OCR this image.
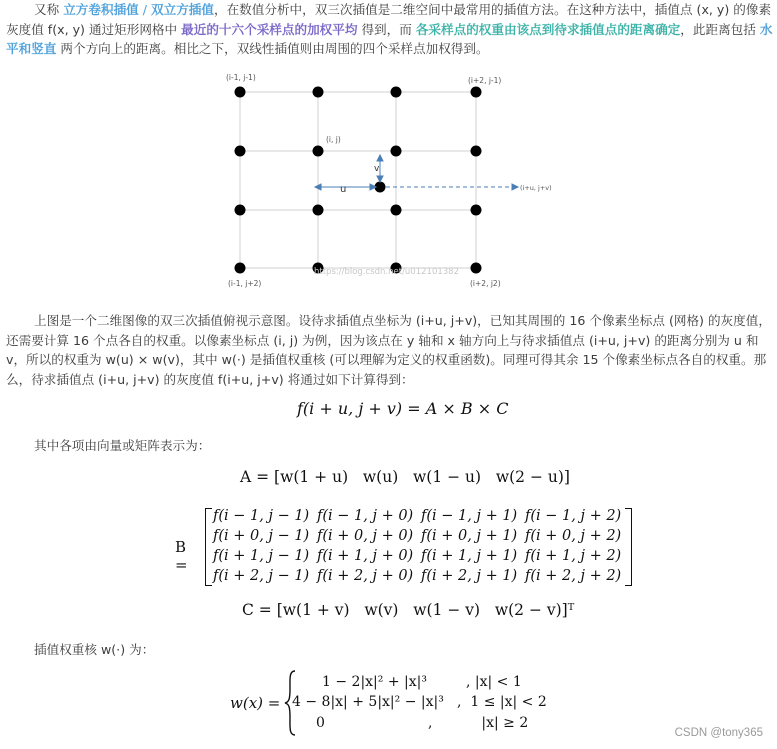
又称 立方卷积插值 / 双立方插值，在数值分析中，双三次插值是二维空间中最常用的插值方法。在这种方法中，插值点 (x, y) 的像素灰度值 f(x, y) 通过矩形网格中 最近的十六个采样点的加权平均 得到，而 各采样点的权重由该点到待求插值点的距离确定，此距离包括 水平和竖直 两个方向上的距离。相比之下，双线性插值则由周围的四个采样点加权得到。

(i-1, j-1)	(i+2, j-1)
(i, j)
v
u	(i+u, j+v)
(i-1, j+2)	(i+2, j2)
https://blog.csdn.net/u012101382

上图是一个二维图像的双三次插值俯视示意图。设待求插值点坐标为 (i+u, j+v)，已知其周围的 16 个像素坐标点 (网格) 的灰度值，还需要计算 16 个点各自的权重。以像素坐标点 (i, j) 为例，因为该点在 y 轴和 x 轴方向上与待求插值点 (i+u, j+v) 的距离分别为 u 和 v，所以的权重为 w(u) × w(v)，其中 w(·) 是插值权重核 (可以理解为定义的权重函数)。同理可得其余 15 个像素坐标点各自的权重。那么，待求插值点 (i+u, j+v) 的灰度值 f(i+u, j+v) 将通过如下计算得到：

f(i + u, j + v) = A × B × C

其中各项由向量或矩阵表示为：

A = [w(1 + u)   w(u)   w(1 − u)   w(2 − u)]
B =
f(i − 1, j − 1) f(i − 1, j + 0) f(i − 1, j + 1) f(i − 1, j + 2)
f(i + 0, j − 1) f(i + 0, j + 0) f(i + 0, j + 1) f(i + 0, j + 2)
f(i + 1, j − 1) f(i + 1, j + 0) f(i + 1, j + 1) f(i + 1, j + 2)
f(i + 2, j − 1) f(i + 2, j + 0) f(i + 2, j + 1) f(i + 2, j + 2)
C = [w(1 + v)   w(v)   w(1 − v)   w(2 − v)]ᵀ

插值权重核 w(·) 为：

w(x) =
1 − 2|x|² + |x|³	, |x| < 1
4 − 8|x| + 5|x|² − |x|³ ,  1 ≤ |x| < 2
0	,           |x| ≥ 2
CSDN @tony365
